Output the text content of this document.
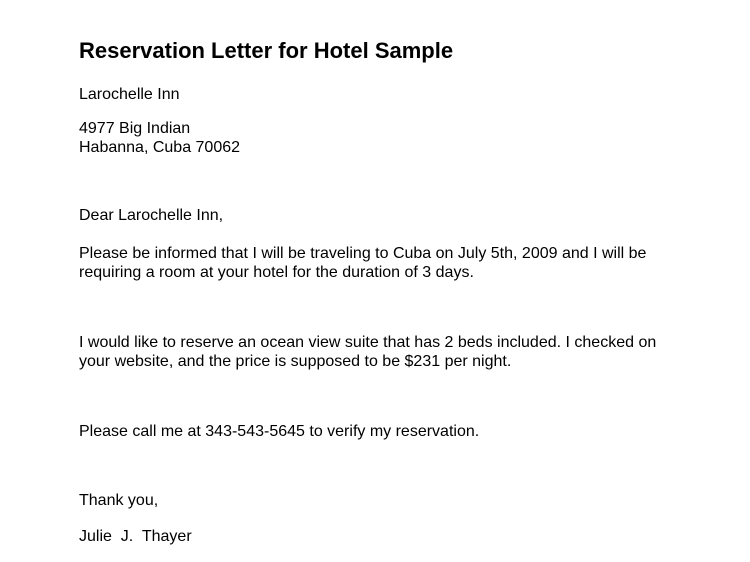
Reservation Letter for Hotel Sample
Larochelle Inn
4977 Big Indian
Habanna, Cuba 70062
Dear Larochelle Inn,
Please be informed that I will be traveling to Cuba on July 5th, 2009 and I will be
requiring a room at your hotel for the duration of 3 days.
I would like to reserve an ocean view suite that has 2 beds included. I checked on
your website, and the price is supposed to be $231 per night.
Please call me at 343-543-5645 to verify my reservation.
Thank you,
Julie  J.  Thayer
